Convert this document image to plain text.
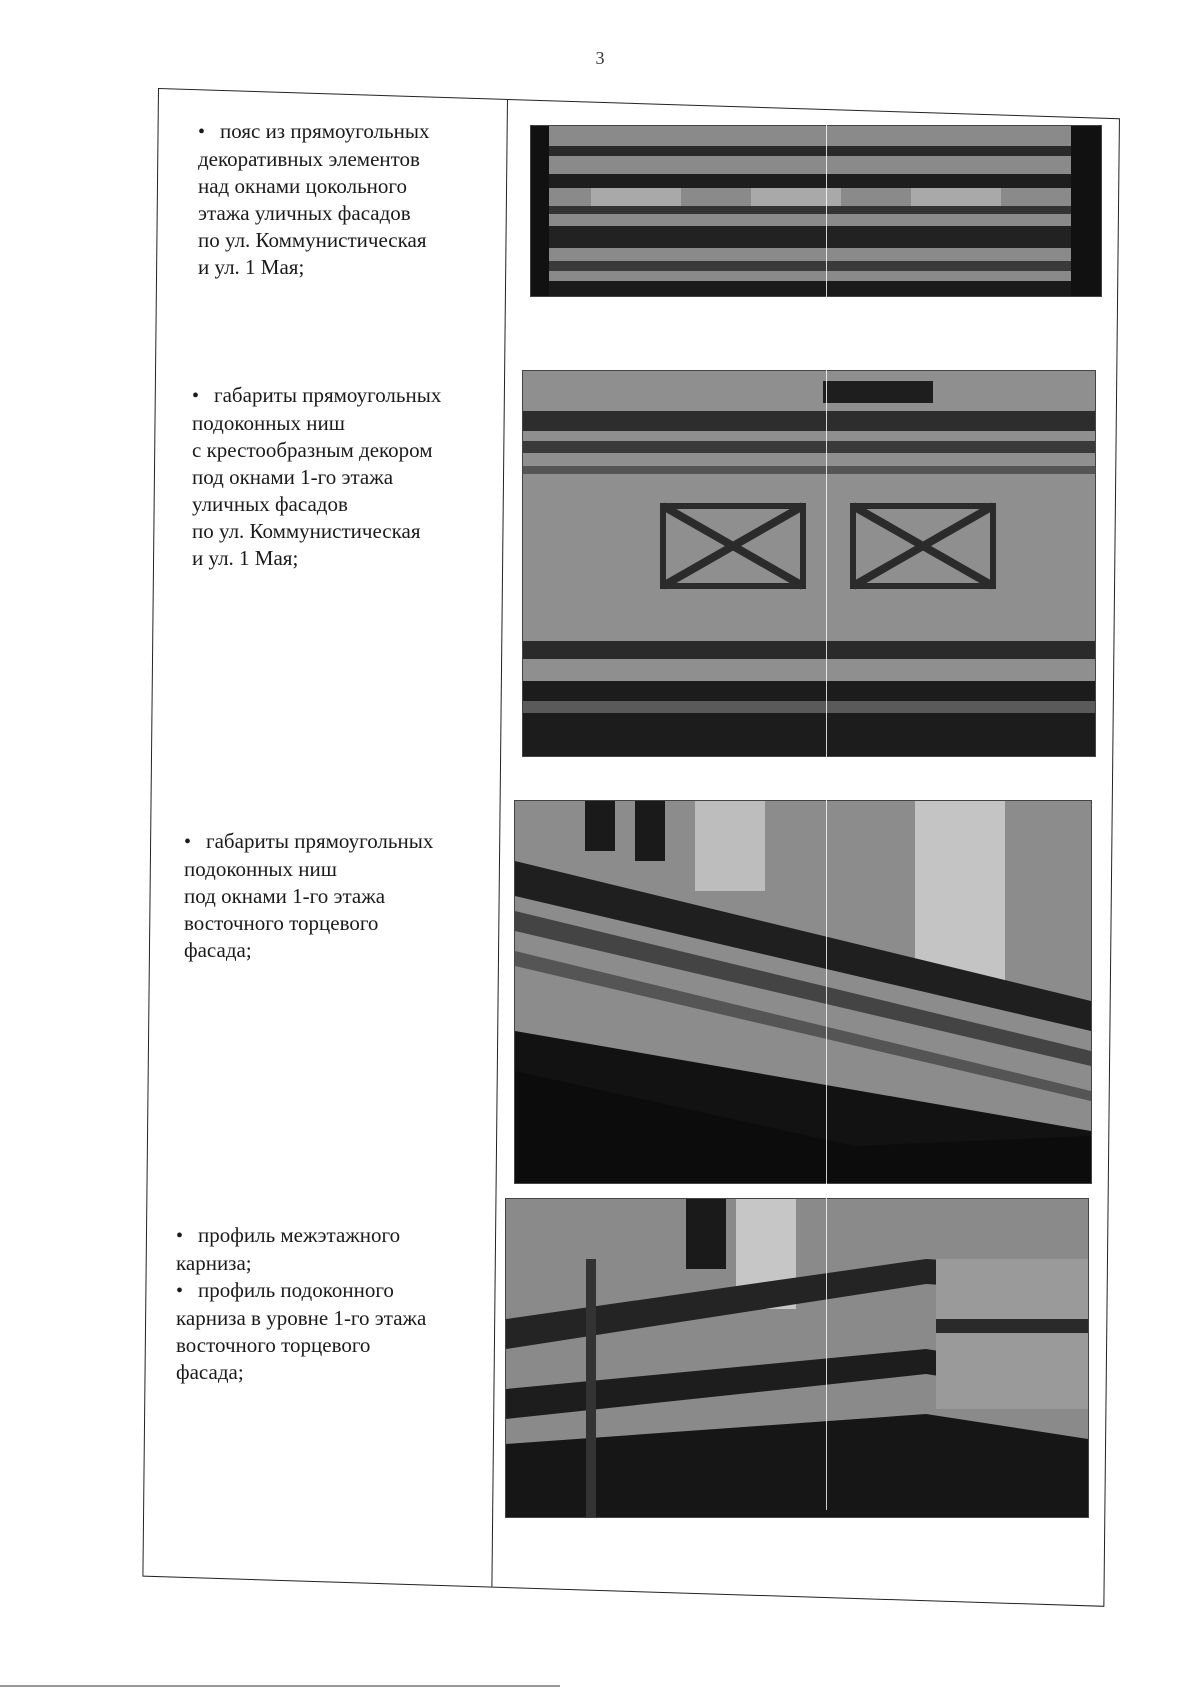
3
• пояс из прямоугольных
декоративных элементов
над окнами цокольного
этажа уличных фасадов
по ул. Коммунистическая
и ул. 1 Мая;
• габариты прямоугольных
подоконных ниш
с крестообразным декором
под окнами 1-го этажа
уличных фасадов
по ул. Коммунистическая
и ул. 1 Мая;
• габариты прямоугольных
подоконных ниш
под окнами 1-го этажа
восточного торцевого
фасада;
• профиль межэтажного
карниза;
• профиль подоконного
карниза в уровне 1-го этажа
восточного торцевого
фасада;
